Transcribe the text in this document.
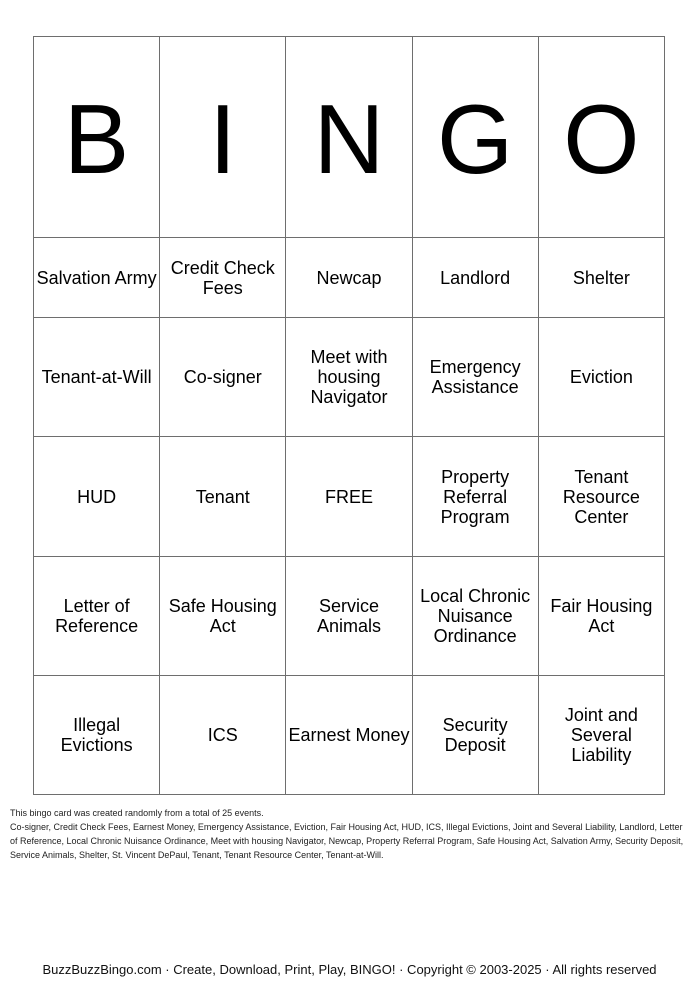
B	I	N	G	O
Salvation Army	Credit Check Fees	Newcap	Landlord	Shelter
Tenant-at-Will	Co-signer	Meet with housing Navigator	Emergency Assistance	Eviction
HUD	Tenant	FREE	Property Referral Program	Tenant Resource Center
Letter of Reference	Safe Housing Act	Service Animals	Local Chronic Nuisance Ordinance	Fair Housing Act
Illegal Evictions	ICS	Earnest Money	Security Deposit	Joint and Several Liability

This bingo card was created randomly from a total of 25 events.

Co-signer, Credit Check Fees, Earnest Money, Emergency Assistance, Eviction, Fair Housing Act, HUD, ICS, Illegal Evictions, Joint and Several Liability, Landlord, Letter of Reference, Local Chronic Nuisance Ordinance, Meet with housing Navigator, Newcap, Property Referral Program, Safe Housing Act, Salvation Army, Security Deposit, Service Animals, Shelter, St. Vincent DePaul, Tenant, Tenant Resource Center, Tenant-at-Will.

BuzzBuzzBingo.com · Create, Download, Print, Play, BINGO! · Copyright © 2003-2025 · All rights reserved
